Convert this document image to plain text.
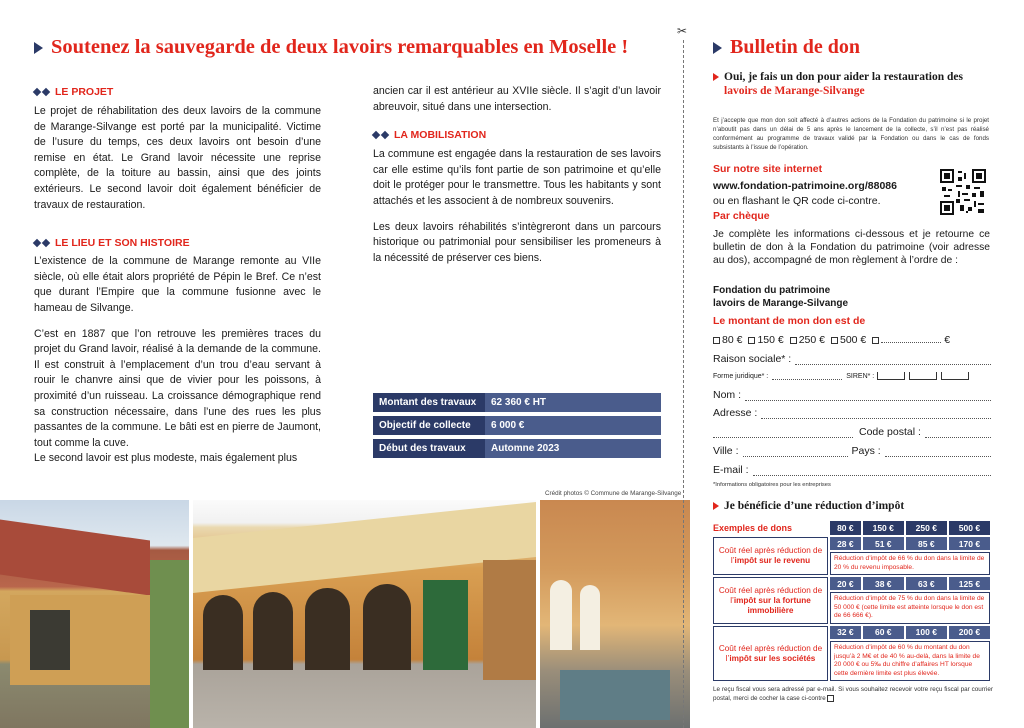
Soutenez la sauvegarde de deux lavoirs remarquables en Moselle !
LE PROJET

Le projet de réhabilitation des deux lavoirs de la commune de Marange-Silvange est porté par la municipalité. Victime de l’usure du temps, ces deux lavoirs ont besoin d’une remise en état. Le Grand lavoir nécessite une reprise complète, de la toiture au bassin, ainsi que des joints extérieurs. Le second lavoir doit également bénéficier de travaux de restauration.

LE LIEU ET SON HISTOIRE

L’existence de la commune de Marange remonte au VIIe siècle, où elle était alors propriété de Pépin le Bref. Ce n’est que durant l’Empire que la commune fusionne avec le hameau de Silvange.

C’est en 1887 que l’on retrouve les premières traces du projet du Grand lavoir, réalisé à la demande de la commune. Il est construit à l’emplacement d’un trou d’eau servant à rouir le chanvre ainsi que de vivier pour les poissons, à proximité d’un ruisseau. La croissance démographique rend sa construction nécessaire, dans l’une des rues les plus passantes de la commune. Le bâti est en pierre de Jaumont, tout comme la cuve.

Le second lavoir est plus modeste, mais également plus

ancien car il est antérieur au XVIIe siècle. Il s’agit d’un lavoir abreuvoir, situé dans une intersection.

LA MOBILISATION

La commune est engagée dans la restauration de ses lavoirs car elle estime qu’ils font partie de son patrimoine et qu’elle doit le protéger pour le transmettre. Tous les habitants y sont attachés et les associent à de nombreux souvenirs.

Les deux lavoirs réhabilités s’intègreront dans un parcours historique ou patrimonial pour sensibiliser les promeneurs à la nécessité de préserver ces biens.

Montant des travaux	62 360 € HT
Objectif de collecte	6 000 €
Début des travaux	Automne 2023
Crédit photos © Commune de Marange-Silvange
✂
Bulletin de don
Oui, je fais un don pour aider la restauration des
lavoirs de Marange-Silvange
Et j’accepte que mon don soit affecté à d’autres actions de la Fondation du patrimoine si le projet n’aboutit pas dans un délai de 5 ans après le lancement de la collecte, s’il n’est pas réalisé conformément au programme de travaux validé par la Fondation ou dans le cas de fonds subsistants à l’issue de l’opération.
Sur notre site internet
www.fondation-patrimoine.org/88086
ou en flashant le QR code ci-contre.
Par chèque

Je complète les informations ci-dessous et je retourne ce bulletin de don à la Fondation du patrimoine (voir adresse au dos), accompagné de mon règlement à l’ordre de :

Fondation du patrimoine
lavoirs de Marange-Silvange
Le montant de mon don est de
80 €	150 €	250 €	500 €	€
Raison sociale* :
Forme juridique* :	SIREN* :
Nom :
Adresse :
Code postal :
Ville :	Pays :
E-mail :
*Informations obligatoires pour les entreprises
Je bénéficie d’une réduction d’impôt
Exemples de dons	80 €	150 €	250 €	500 €
Coût réel après réduction de l’impôt sur le revenu	28 €	51 €	85 €	170 €
	Réduction d’impôt de 66 % du don dans la limite de 20 % du revenu imposable.			
Coût réel après réduction de l’impôt sur la fortune immobilière	20 €	38 €	63 €	125 €
	Réduction d’impôt de 75 % du don dans la limite de 50 000 € (cette limite est atteinte lorsque le don est de 66 666 €).			
Coût réel après réduction de l’impôt sur les sociétés	32 €	60 €	100 €	200 €
	Réduction d’impôt de 60 % du montant du don jusqu’à 2 M€ et de 40 % au-delà, dans la limite de 20 000 € ou 5‰ du chiffre d’affaires HT lorsque cette dernière limite est plus élevée.			
Le reçu fiscal vous sera adressé par e-mail. Si vous souhaitez recevoir votre reçu fiscal par courrier postal, merci de cocher la case ci-contre
